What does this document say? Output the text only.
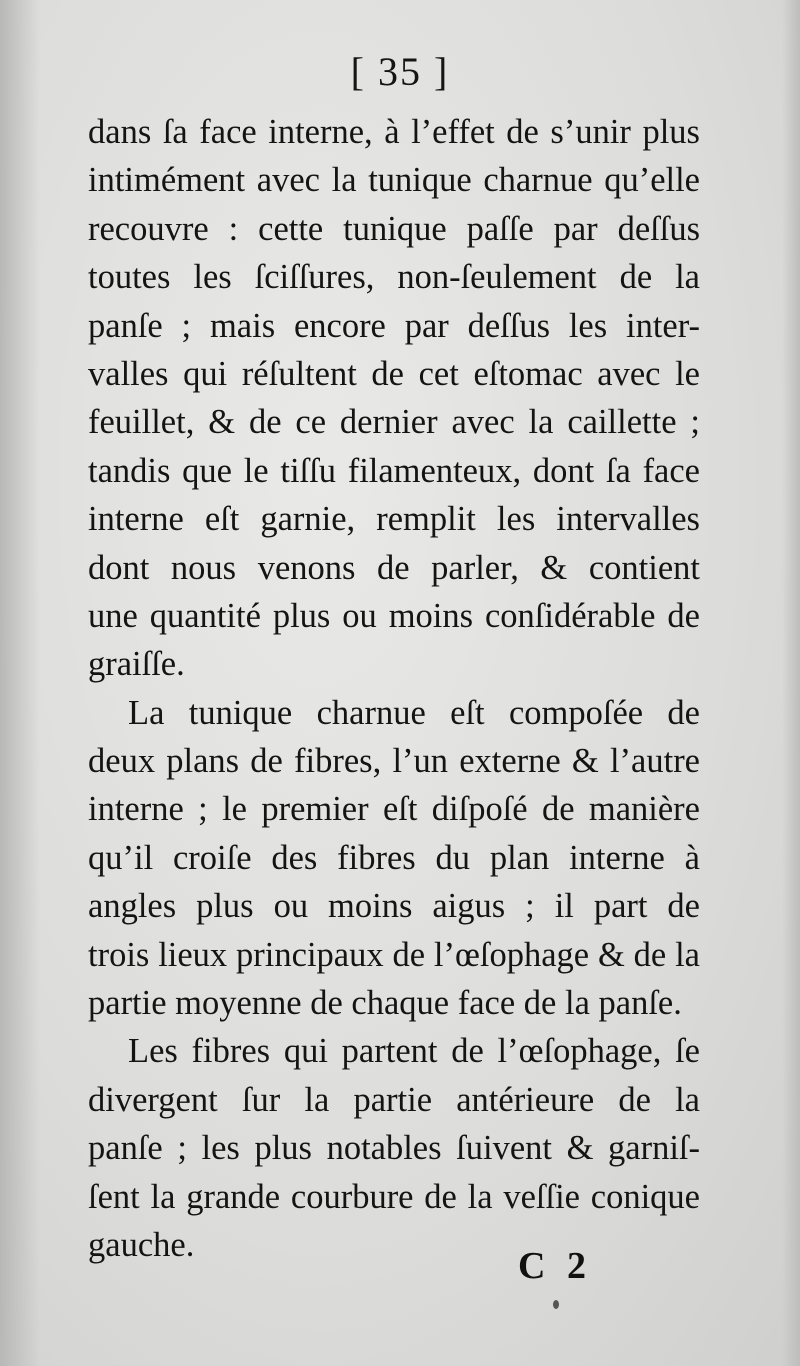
[ 35 ]
dans ſa face interne, à l’effet de s’unir plus
intimément avec la tunique charnue qu’elle
recouvre : cette tunique paſſe par deſſus
toutes les ſciſſures, non-ſeulement de la
panſe ; mais encore par deſſus les inter-
valles qui réſultent de cet eſtomac avec le
feuillet, & de ce dernier avec la caillette ;
tandis que le tiſſu filamenteux, dont ſa face
interne eſt garnie, remplit les intervalles
dont nous venons de parler, & contient
une quantité plus ou moins conſidérable de
graiſſe.
La tunique charnue eſt compoſée de
deux plans de fibres, l’un externe & l’autre
interne ; le premier eſt diſpoſé de manière
qu’il croiſe des fibres du plan interne à
angles plus ou moins aigus ; il part de
trois lieux principaux de l’œſophage & de la
partie moyenne de chaque face de la panſe.
Les fibres qui partent de l’œſophage, ſe
divergent ſur la partie antérieure de la
panſe ; les plus notables ſuivent & garniſ-
ſent la grande courbure de la veſſie conique
gauche.
C 2
